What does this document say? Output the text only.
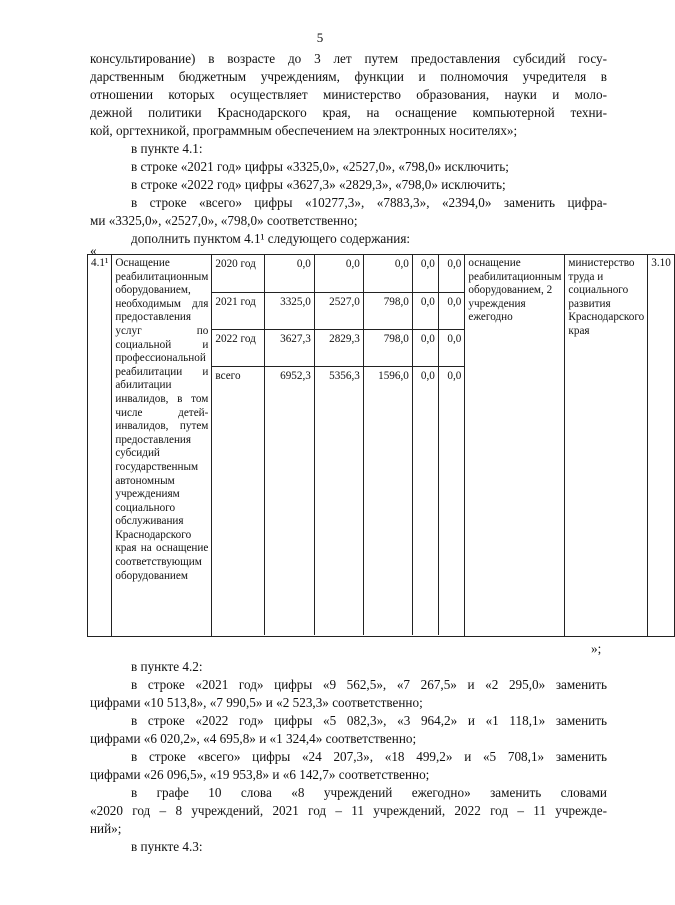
5
консультирование) в возрасте до 3 лет путем предоставления субсидий госу-
дарственным бюджетным учреждениям, функции и полномочия учредителя в
отношении которых осуществляет министерство образования, науки и моло-
дежной политики Краснодарского края, на оснащение компьютерной техни-
кой, оргтехникой, программным обеспечением на электронных носителях»;
в пункте 4.1:
в строке «2021 год» цифры «3325,0», «2527,0», «798,0» исключить;
в строке «2022 год» цифры «3627,3» «2829,3», «798,0» исключить;
в строке «всего» цифры «10277,3», «7883,3», «2394,0» заменить цифра-
ми «3325,0», «2527,0», «798,0» соответственно;
дополнить пунктом 4.1¹ следующего содержания:
«
4.1¹	Оснащение реабилитационным оборудованием, необходимым для предоставления услуг по социальной и профессиональной реабилитации и абилитации инвалидов, в том числе детей-инвалидов, путем предоставления субсидий государственным автономным учреждениям социального обслуживания Краснодарского края на оснащение соответствующим оборудованием	
2020 год	0,0	0,0	0,0	0,0	0,0
2021 год	3325,0	2527,0	798,0	0,0	0,0
2022 год	3627,3	2829,3	798,0	0,0	0,0
всего	6952,3	5356,3	1596,0	0,0	0,0
	оснащение реабилитационным оборудованием, 2 учреждения ежегодно	министерство труда и социального развития Краснодарского края	3.10
»;
в пункте 4.2:
в строке «2021 год» цифры «9 562,5», «7 267,5» и «2 295,0» заменить
цифрами «10 513,8», «7 990,5» и «2 523,3» соответственно;
в строке «2022 год» цифры «5 082,3», «3 964,2» и «1 118,1» заменить
цифрами «6 020,2», «4 695,8» и «1 324,4» соответственно;
в строке «всего» цифры «24 207,3», «18 499,2» и «5 708,1» заменить
цифрами «26 096,5», «19 953,8» и «6 142,7» соответственно;
в графе 10 слова «8 учреждений ежегодно» заменить словами
«2020 год – 8 учреждений, 2021 год – 11 учреждений, 2022 год – 11 учрежде-
ний»;
в пункте 4.3:
